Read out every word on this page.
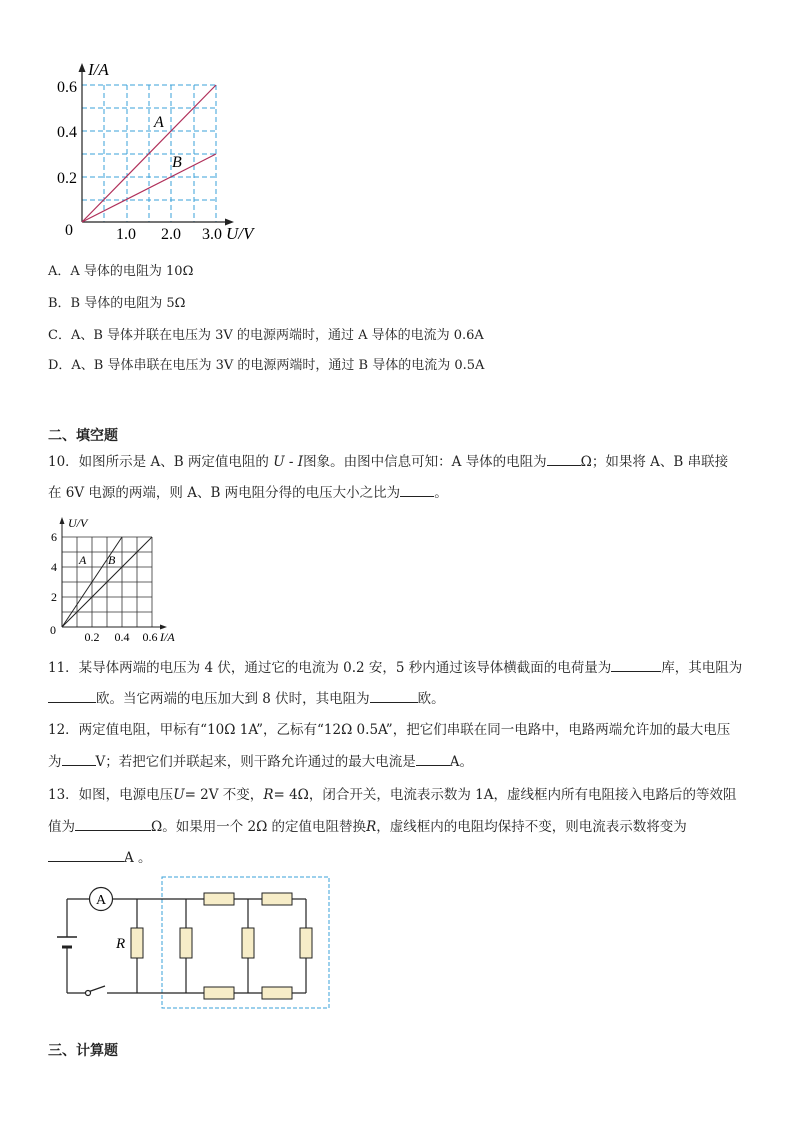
I/A
U/V
0
0.2
0.4
0.6
1.0 2.0 3.0
A
B
A．A 导体的电阻为 10Ω
B．B 导体的电阻为 5Ω
C．A、B 导体并联在电压为 3V 的电源两端时，通过 A 导体的电流为 0.6A
D．A、B 导体串联在电压为 3V 的电源两端时，通过 B 导体的电流为 0.5A
二、填空题
10．如图所示是 A、B 两定值电阻的 U - I图象。由图中信息可知：A 导体的电阻为	Ω；如果将 A、B 串联接
在 6V 电源的两端，则 A、B 两电阻分得的电压大小之比为	。
U/V
I/A
0
2
4
6
0.2 0.4 0.6
A B
11．某导体两端的电压为 4 伏，通过它的电流为 0.2 安，5 秒内通过该导体横截面的电荷量为	库，其电阻为
欧。当它两端的电压加大到 8 伏时，其电阻为	欧。
12．两定值电阻，甲标有“10Ω 1A”，乙标有“12Ω 0.5A”，把它们串联在同一电路中，电路两端允许加的最大电压
为	V；若把它们并联起来，则干路允许通过的最大电流是	A。
13．如图，电源电压U= 2V 不变，R= 4Ω，闭合开关，电流表示数为 1A，虚线框内所有电阻接入电路后的等效阻
值为	Ω。如果用一个 2Ω 的定值电阻替换R，虚线框内的电阻均保持不变，则电流表示数将变为
A 。
A
R
三、计算题
